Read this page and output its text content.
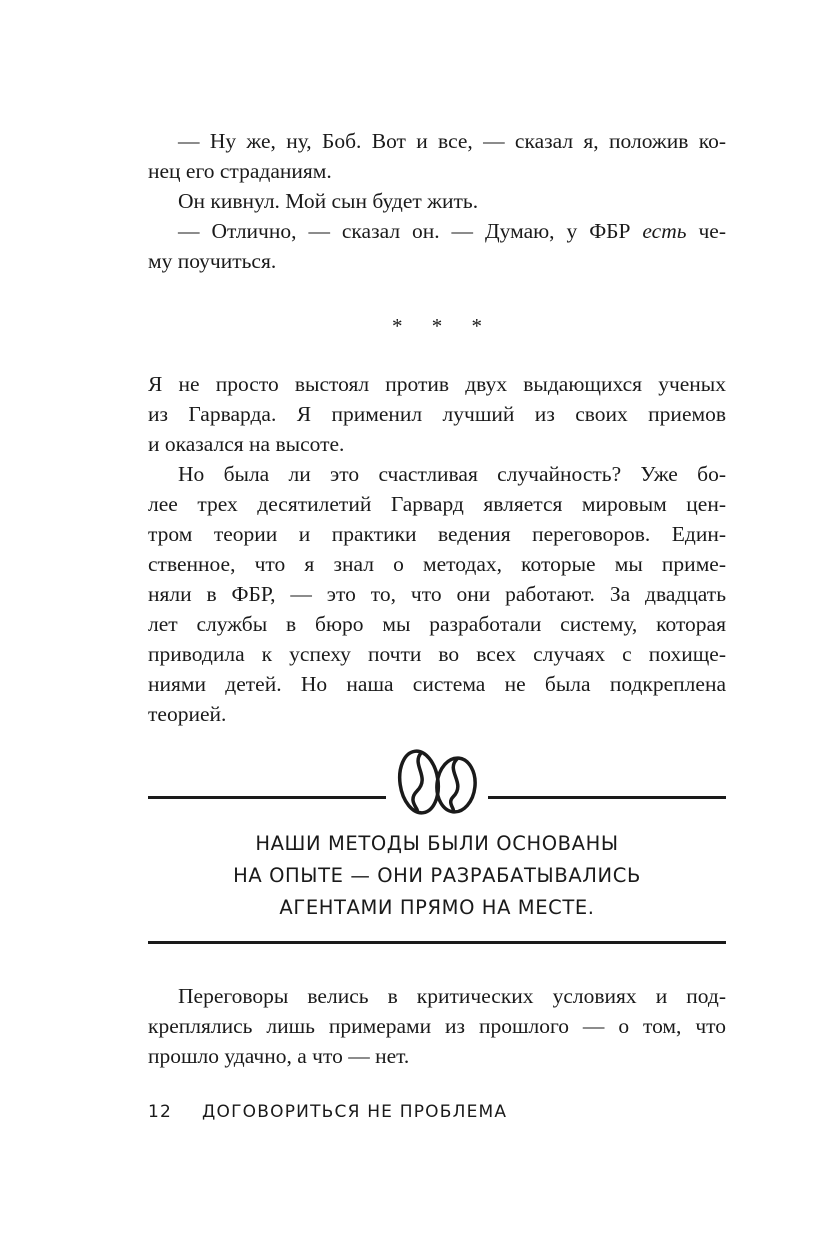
— Ну же, ну, Боб. Вот и все, — сказал я, положив ко-
нец его страданиям.
Он кивнул. Мой сын будет жить.
— Отлично, — сказал он. — Думаю, у ФБР есть че-
му поучиться.
* * *
Я не просто выстоял против двух выдающихся ученых
из Гарварда. Я применил лучший из своих приемов
и оказался на высоте.
Но была ли это счастливая случайность? Уже бо-
лее трех десятилетий Гарвард является мировым цен-
тром теории и практики ведения переговоров. Един-
ственное, что я знал о методах, которые мы приме-
няли в ФБР, — это то, что они работают. За двадцать
лет службы в бюро мы разработали систему, которая
приводила к успеху почти во всех случаях с похище-
ниями детей. Но наша система не была подкреплена
теорией.
НАШИ МЕТОДЫ БЫЛИ ОСНОВАНЫ
НА ОПЫТЕ — ОНИ РАЗРАБАТЫВАЛИСЬ
АГЕНТАМИ ПРЯМО НА МЕСТЕ.
Переговоры велись в критических условиях и под-
креплялись лишь примерами из прошлого — о том, что
прошло удачно, а что — нет.
12 ДОГОВОРИТЬСЯ НЕ ПРОБЛЕМА
